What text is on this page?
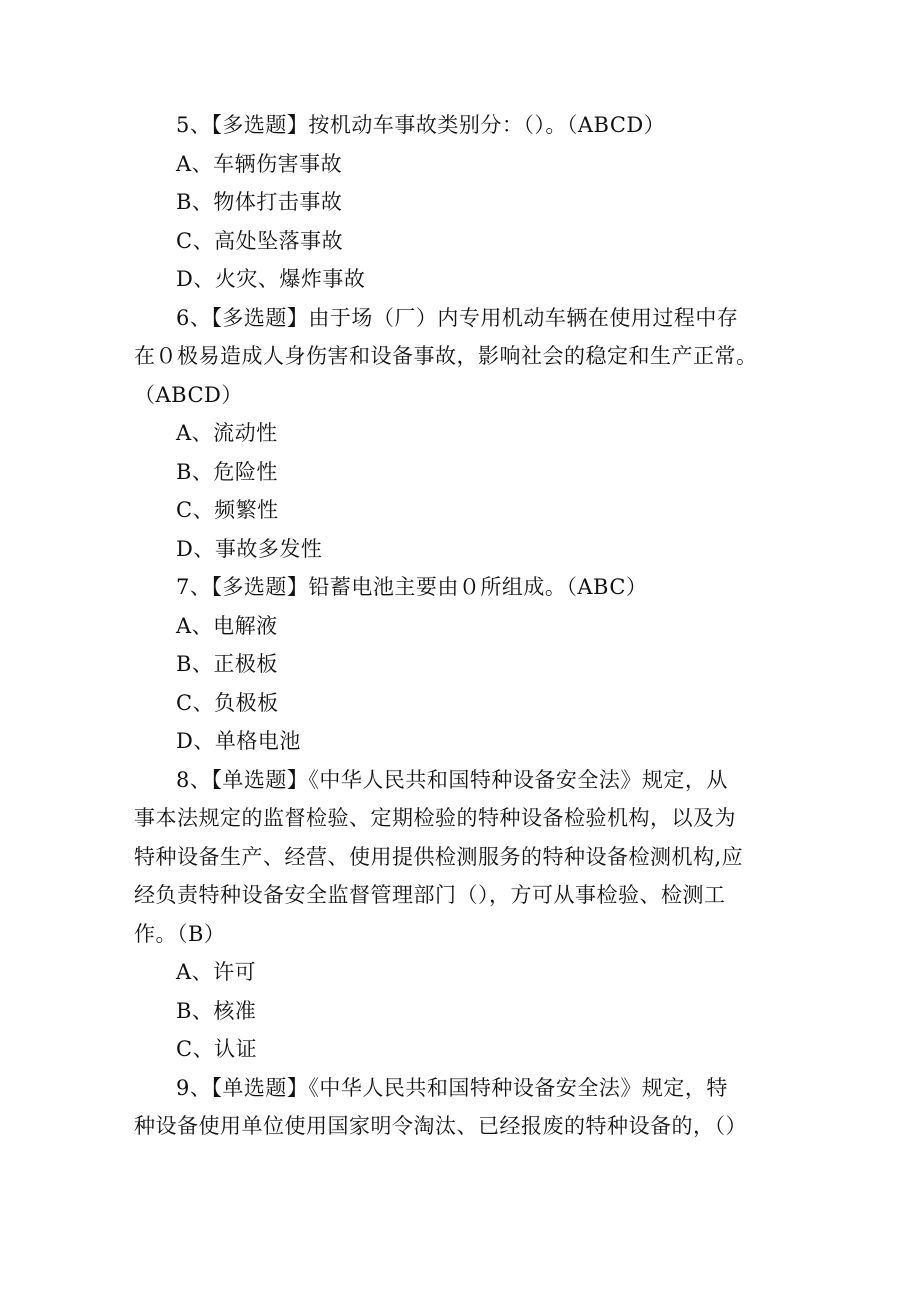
5、【多选题】按机动车事故类别分：（）。（ABCD）
A、车辆伤害事故
B、物体打击事故
C、高处坠落事故
D、火灾、爆炸事故
6、【多选题】由于场（厂）内专用机动车辆在使用过程中存
在０极易造成人身伤害和设备事故，影响社会的稳定和生产正常。
（ABCD）
A、流动性
B、危险性
C、频繁性
D、事故多发性
7、【多选题】铅蓄电池主要由０所组成。（ABC）
A、电解液
B、正极板
C、负极板
D、单格电池
8、【单选题】《中华人民共和国特种设备安全法》规定，从
事本法规定的监督检验、定期检验的特种设备检验机构，以及为
特种设备生产、经营、使用提供检测服务的特种设备检测机构,应
经负责特种设备安全监督管理部门（），方可从事检验、检测工
作。（B）
A、许可
B、核准
C、认证
9、【单选题】《中华人民共和国特种设备安全法》规定，特
种设备使用单位使用国家明令淘汰、已经报废的特种设备的，（）
